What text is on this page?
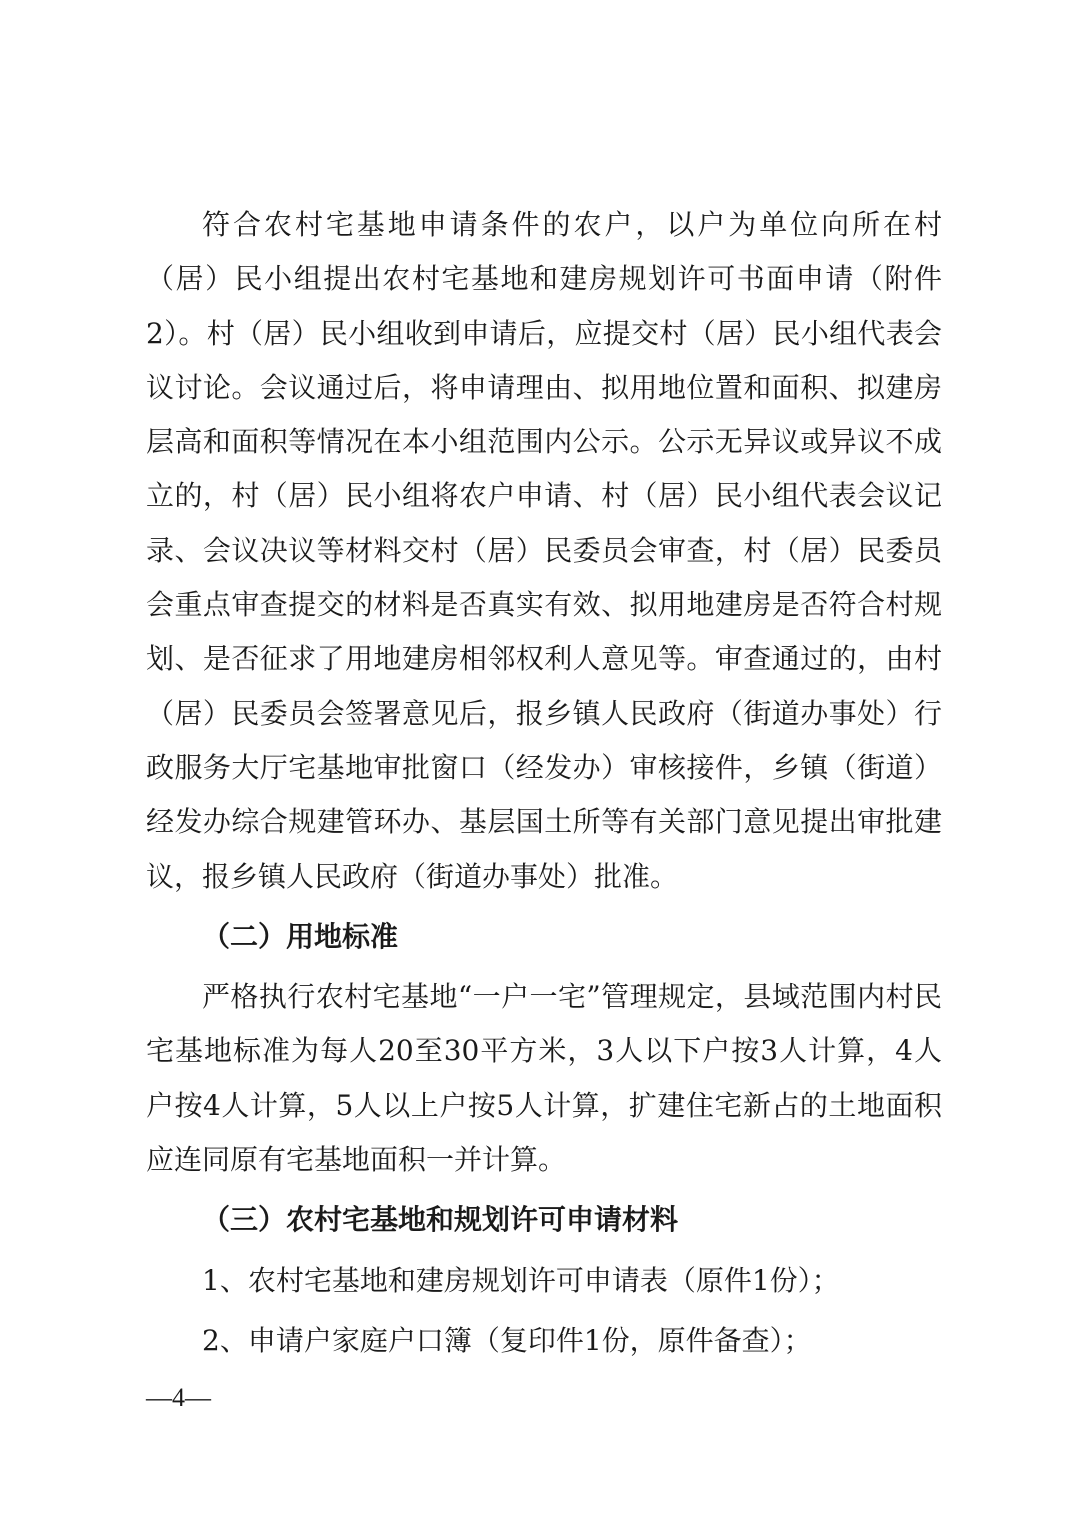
符合农村宅基地申请条件的农户，以户为单位向所在村（居）民小组提出农村宅基地和建房规划许可书面申请（附件2）。村（居）民小组收到申请后，应提交村（居）民小组代表会议讨论。会议通过后，将申请理由、拟用地位置和面积、拟建房层高和面积等情况在本小组范围内公示。公示无异议或异议不成立的，村（居）民小组将农户申请、村（居）民小组代表会议记录、会议决议等材料交村（居）民委员会审查，村（居）民委员会重点审查提交的材料是否真实有效、拟用地建房是否符合村规划、是否征求了用地建房相邻权利人意见等。审查通过的，由村（居）民委员会签署意见后，报乡镇人民政府（街道办事处）行政服务大厅宅基地审批窗口（经发办）审核接件，乡镇（街道）经发办综合规建管环办、基层国土所等有关部门意见提出审批建议，报乡镇人民政府（街道办事处）批准。

（二）用地标准

严格执行农村宅基地“一户一宅”管理规定，县域范围内村民宅基地标准为每人20至30平方米，3人以下户按3人计算，4人户按4人计算，5人以上户按5人计算，扩建住宅新占的土地面积应连同原有宅基地面积一并计算。

（三）农村宅基地和规划许可申请材料

1、农村宅基地和建房规划许可申请表（原件1份）；

2、申请户家庭户口簿（复印件1份，原件备查）；

—4—
